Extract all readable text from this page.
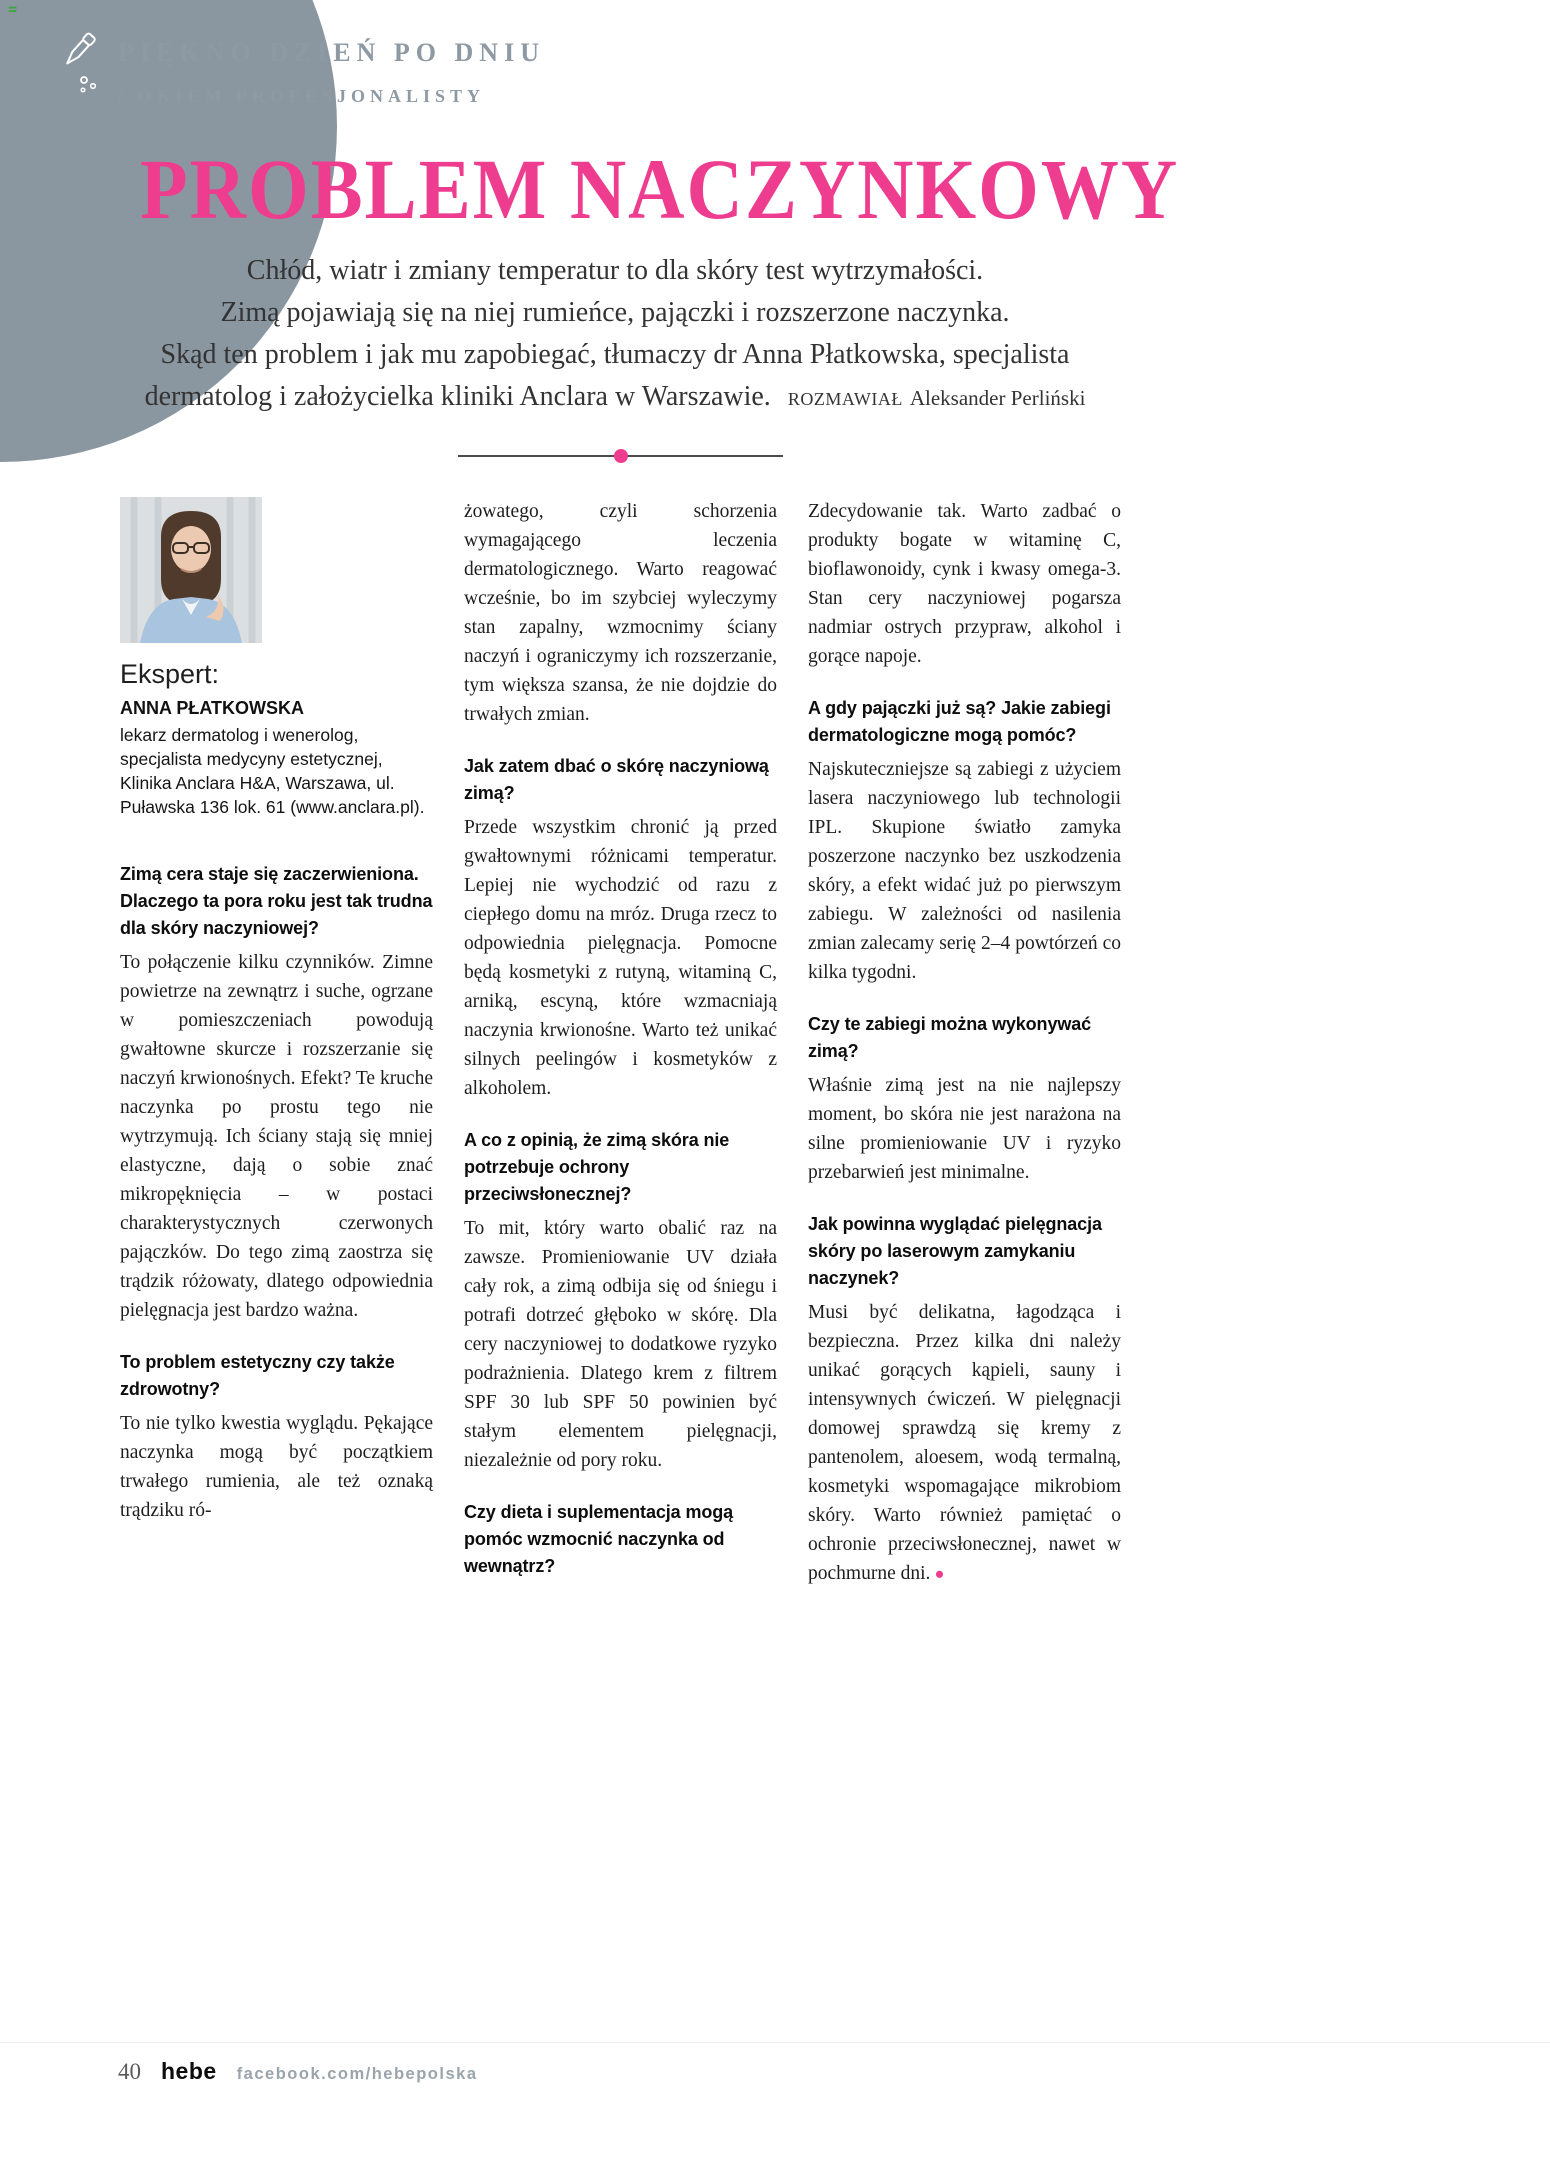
=
PIĘKNO DZIEŃ PO DNIU
/ OKIEM PROFESJONALISTY
PROBLEM NACZYNKOWY
Chłód, wiatr i zmiany temperatur to dla skóry test wytrzymałości.
Zimą pojawiają się na niej rumieńce, pajączki i rozszerzone naczynka.
Skąd ten problem i jak mu zapobiegać, tłumaczy dr Anna Płatkowska, specjalista
dermatolog i założycielka kliniki Anclara w Warszawie. ROZMAWIAŁ Aleksander Perliński
Ekspert:
ANNA PŁATKOWSKA
lekarz dermatolog i wenerolog, specjalista medycyny estetycznej, Klinika Anclara H&A, Warszawa, ul. Puławska 136 lok. 61 (www.anclara.pl).
Zimą cera staje się zaczerwieniona. Dlaczego ta pora roku jest tak trudna dla skóry naczyniowej?
To połączenie kilku czynników. Zimne powietrze na zewnątrz i suche, ogrzane w pomieszczeniach powodują gwałtowne skurcze i rozszerzanie się naczyń krwionośnych. Efekt? Te kruche naczynka po prostu tego nie wytrzymują. Ich ściany stają się mniej elastyczne, dają o sobie znać mikropęknięcia – w postaci charakterystycznych czerwonych pajączków. Do tego zimą zaostrza się trądzik różowaty, dlatego odpowiednia pielęgnacja jest bardzo ważna.
To problem estetyczny czy także zdrowotny?
To nie tylko kwestia wyglądu. Pękające naczynka mogą być początkiem trwałego rumienia, ale też oznaką trądziku ró-
żowatego, czyli schorzenia wymagającego leczenia dermatologicznego. Warto reagować wcześnie, bo im szybciej wyleczymy stan zapalny, wzmocnimy ściany naczyń i ograniczymy ich rozszerzanie, tym większa szansa, że nie dojdzie do trwałych zmian.
Jak zatem dbać o skórę naczyniową zimą?
Przede wszystkim chronić ją przed gwałtownymi różnicami temperatur. Lepiej nie wychodzić od razu z ciepłego domu na mróz. Druga rzecz to odpowiednia pielęgnacja. Pomocne będą kosmetyki z rutyną, witaminą C, arniką, escyną, które wzmacniają naczynia krwionośne. Warto też unikać silnych peelingów i kosmetyków z alkoholem.
A co z opinią, że zimą skóra nie potrzebuje ochrony przeciwsłonecznej?
To mit, który warto obalić raz na zawsze. Promieniowanie UV działa cały rok, a zimą odbija się od śniegu i potrafi dotrzeć głęboko w skórę. Dla cery naczyniowej to dodatkowe ryzyko podrażnienia. Dlatego krem z filtrem SPF 30 lub SPF 50 powinien być stałym elementem pielęgnacji, niezależnie od pory roku.
Czy dieta i suplementacja mogą pomóc wzmocnić naczynka od wewnątrz?
Zdecydowanie tak. Warto zadbać o produkty bogate w witaminę C, bioflawonoidy, cynk i kwasy omega-3. Stan cery naczyniowej pogarsza nadmiar ostrych przypraw, alkohol i gorące napoje.
A gdy pajączki już są? Jakie zabiegi dermatologiczne mogą pomóc?
Najskuteczniejsze są zabiegi z użyciem lasera naczyniowego lub technologii IPL. Skupione światło zamyka poszerzone naczynko bez uszkodzenia skóry, a efekt widać już po pierwszym zabiegu. W zależności od nasilenia zmian zalecamy serię 2–4 powtórzeń co kilka tygodni.
Czy te zabiegi można wykonywać zimą?
Właśnie zimą jest na nie najlepszy moment, bo skóra nie jest narażona na silne promieniowanie UV i ryzyko przebarwień jest minimalne.
Jak powinna wyglądać pielęgnacja skóry po laserowym zamykaniu naczynek?
Musi być delikatna, łagodząca i bezpieczna. Przez kilka dni należy unikać gorących kąpieli, sauny i intensywnych ćwiczeń. W pielęgnacji domowej sprawdzą się kremy z pantenolem, aloesem, wodą termalną, kosmetyki wspomagające mikrobiom skóry. Warto również pamiętać o ochronie przeciwsłonecznej, nawet w pochmurne dni. ●
40 hebe facebook.com/hebepolska
